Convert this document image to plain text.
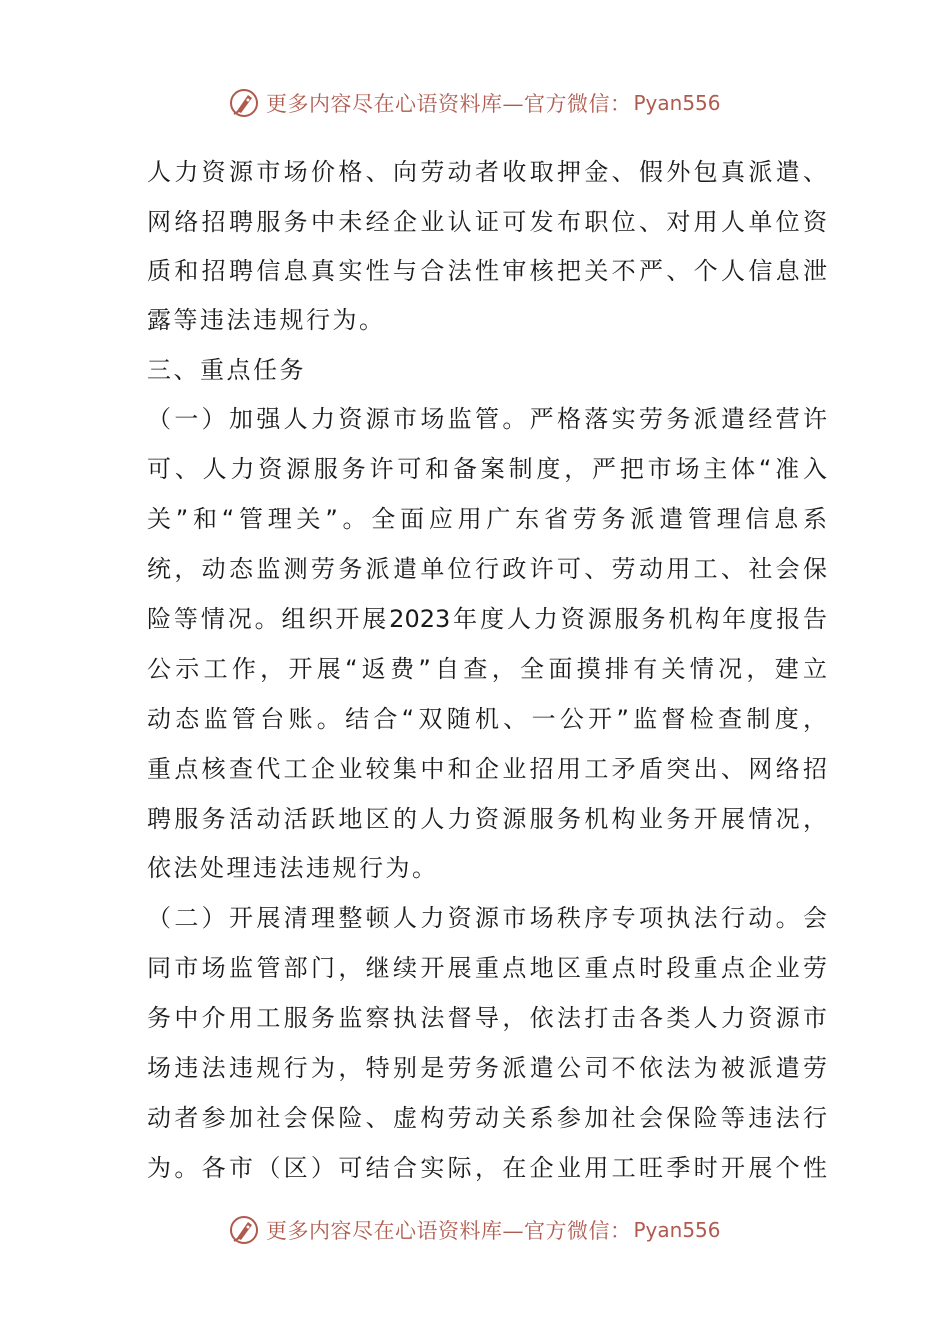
更多内容尽在心语资料库—官方微信： Pyan556
人力资源市场价格、向劳动者收取押金、假外包真派遣、
网络招聘服务中未经企业认证可发布职位、对用人单位资
质和招聘信息真实性与合法性审核把关不严、个人信息泄
露等违法违规行为。
三、重点任务
（一）加强人力资源市场监管。严格落实劳务派遣经营许
可、人力资源服务许可和备案制度，严把市场主体“准入
关”和“管理关”。全面应用广东省劳务派遣管理信息系
统，动态监测劳务派遣单位行政许可、劳动用工、社会保
险等情况。组织开展2023年度人力资源服务机构年度报告
公示工作，开展“返费”自查，全面摸排有关情况，建立
动态监管台账。结合“双随机、一公开”监督检查制度，
重点核查代工企业较集中和企业招用工矛盾突出、网络招
聘服务活动活跃地区的人力资源服务机构业务开展情况，
依法处理违法违规行为。
（二）开展清理整顿人力资源市场秩序专项执法行动。会
同市场监管部门，继续开展重点地区重点时段重点企业劳
务中介用工服务监察执法督导，依法打击各类人力资源市
场违法违规行为，特别是劳务派遣公司不依法为被派遣劳
动者参加社会保险、虚构劳动关系参加社会保险等违法行
为。各市（区）可结合实际，在企业用工旺季时开展个性
更多内容尽在心语资料库—官方微信： Pyan556
